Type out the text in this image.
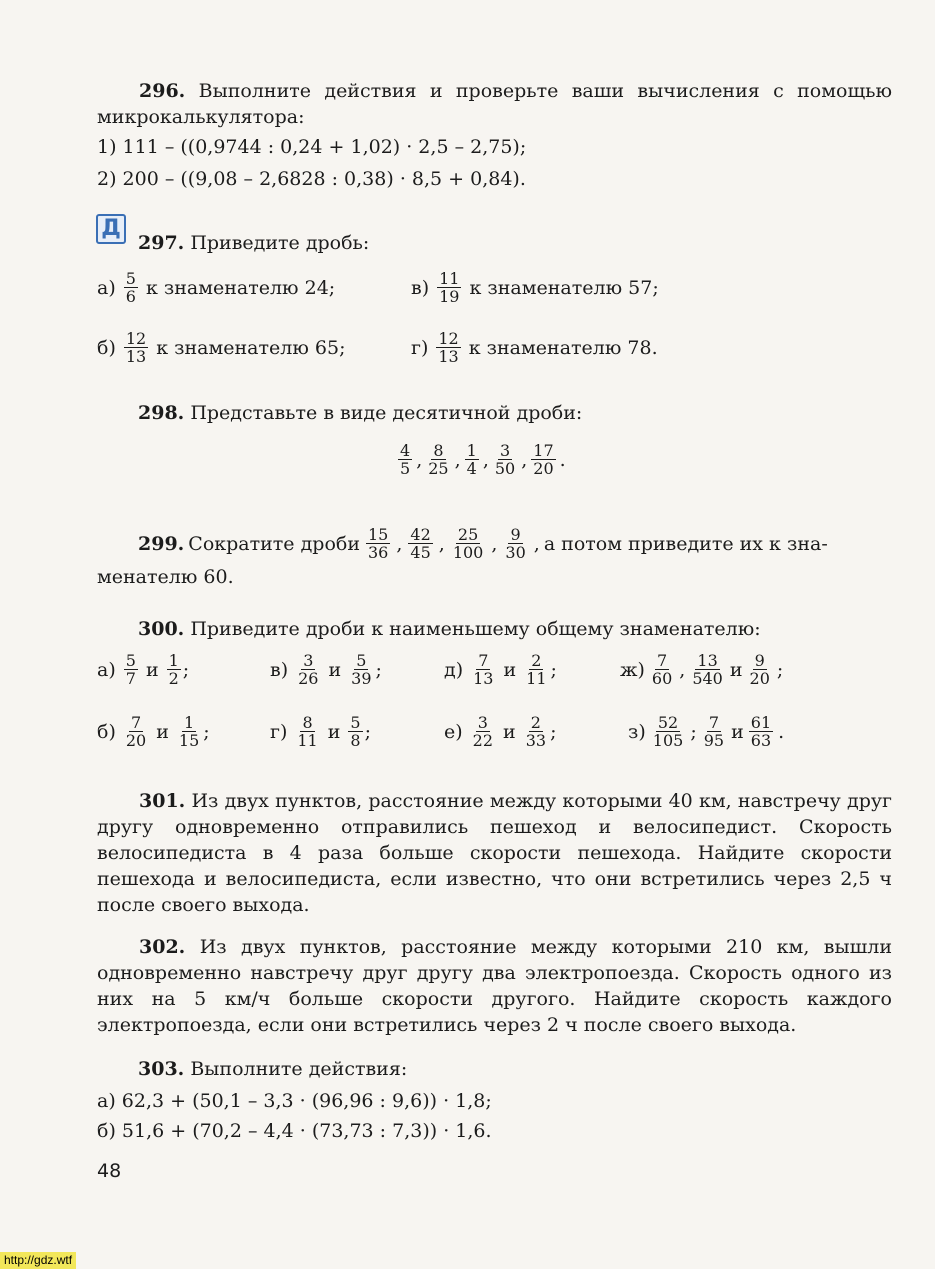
296. Выполните действия и проверьте ваши вычисления с помощью микрокалькулятора:
1) 111 – ((0,9744 : 0,24 + 1,02) · 2,5 – 2,75);
2) 200 – ((9,08 – 2,6828 : 0,38) · 8,5 + 0,84).
Д
297. Приведите дробь:
$а) \frac{5}{6}$ к знаменателю 24;	$в) \frac{11}{19}$ к знаменателю 57;
$б) \frac{12}{13}$ к знаменателю 65;	$г) \frac{12}{13}$ к знаменателю 78.
298. Представьте в виде десятичной дроби:
$\frac{4}{5}$ , $\frac{8}{25}$ , $\frac{1}{4}$ , $\frac{3}{50}$ , $\frac{17}{20}$ .
299. Сократите дроби $\frac{15}{36}$ , $\frac{42}{45}$ , $\frac{25}{100}$ , $\frac{9}{30}$ , а потом приведите их к зна-
менателю 60.
300. Приведите дроби к наименьшему общему знаменателю:
$а) \frac{5}{7}$ и $\frac{1}{2}$ ;	$в) \frac{3}{26}$ и $\frac{5}{39}$ ;	$д) \frac{7}{13}$ и $\frac{2}{11}$ ;	$ж) \frac{7}{60}$ , $\frac{13}{540}$ и $\frac{9}{20}$ ;
$б) \frac{7}{20}$ и $\frac{1}{15}$ ;	$г) \frac{8}{11}$ и $\frac{5}{8}$ ;	$е) \frac{3}{22}$ и $\frac{2}{33}$ ;	$з) \frac{52}{105}$ ; $\frac{7}{95}$ и $\frac{61}{63}$ .
301. Из двух пунктов, расстояние между которыми 40 км, навстречу друг другу одновременно отправились пешеход и велосипедист. Скорость велосипедиста в 4 раза больше скорости пешехода. Найдите скорости пешехода и велосипедиста, если известно, что они встретились через 2,5 ч после своего выхода.
302. Из двух пунктов, расстояние между которыми 210 км, вышли одновременно навстречу друг другу два электропоезда. Скорость одного из них на 5 км/ч больше скорости другого. Найдите скорость каждого электропоезда, если они встретились через 2 ч после своего выхода.
303. Выполните действия:
а) 62,3 + (50,1 – 3,3 · (96,96 : 9,6)) · 1,8;
б) 51,6 + (70,2 – 4,4 · (73,73 : 7,3)) · 1,6.
48
http://gdz.wtf
